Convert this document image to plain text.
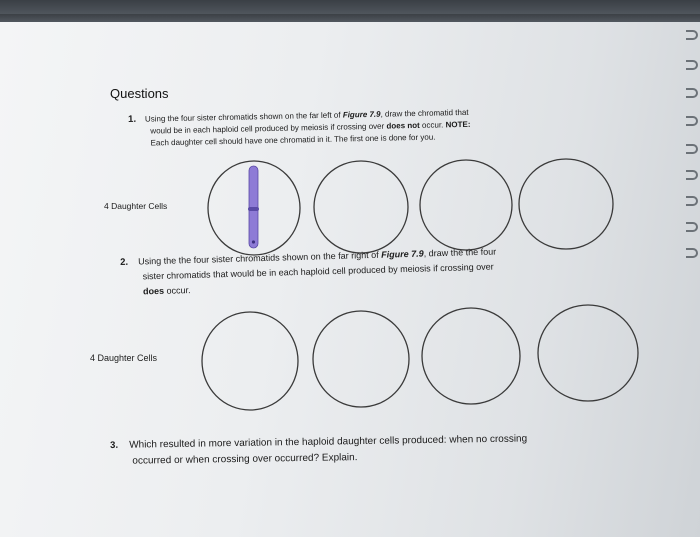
Questions
1. Using the four sister chromatids shown on the far left of Figure 7.9, draw the chromatid that
would be in each haploid cell produced by meiosis if crossing over does not occur. NOTE:
Each daughter cell should have one chromatid in it. The first one is done for you.
4 Daughter Cells
2. Using the the four sister chromatids shown on the far right of Figure 7.9, draw the the four
sister chromatids that would be in each haploid cell produced by meiosis if crossing over
does occur.
4 Daughter Cells
3. Which resulted in more variation in the haploid daughter cells produced: when no crossing
occurred or when crossing over occurred? Explain.
